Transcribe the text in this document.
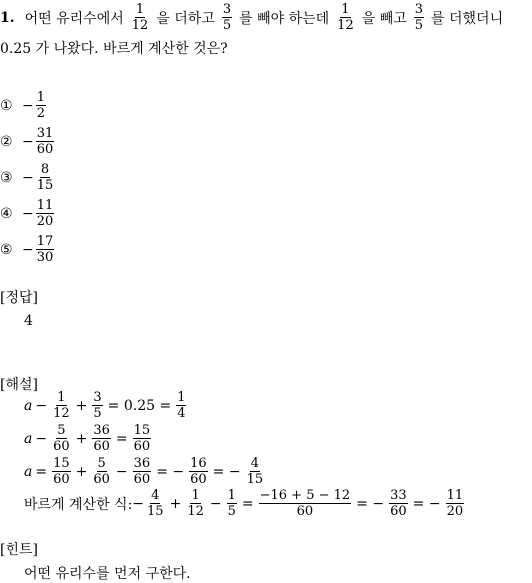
1. 어떤 유리수에서 $\frac{1}{12}$ 을 더하고 $\frac{3}{5}$ 를 빼야 하는데 $\frac{1}{12}$ 을 빼고 $\frac{3}{5}$ 를 더했더니
0.25 가 나왔다. 바르게 계산한 것은?
① − $\frac{1}{2}$
② − $\frac{31}{60}$
③ − $\frac{8}{15}$
④ − $\frac{11}{20}$
⑤ − $\frac{17}{30}$
[정답]
4
[해설]
$a - \frac{1}{12} + \frac{3}{5} = 0.25 = \frac{1}{4}$
$a - \frac{5}{60} + \frac{36}{60} = \frac{15}{60}$
$a = \frac{15}{60} + \frac{5}{60} - \frac{36}{60}$ = − $\frac{16}{60}$ = − $\frac{4}{15}$
바르게 계산한 식: − $\frac{4}{15} + \frac{1}{12} - \frac{1}{5} = \frac{-16 + 5 - 12}{60}$ = − $\frac{33}{60}$ = − $\frac{11}{20}$
[힌트]
어떤 유리수를 먼저 구한다.
